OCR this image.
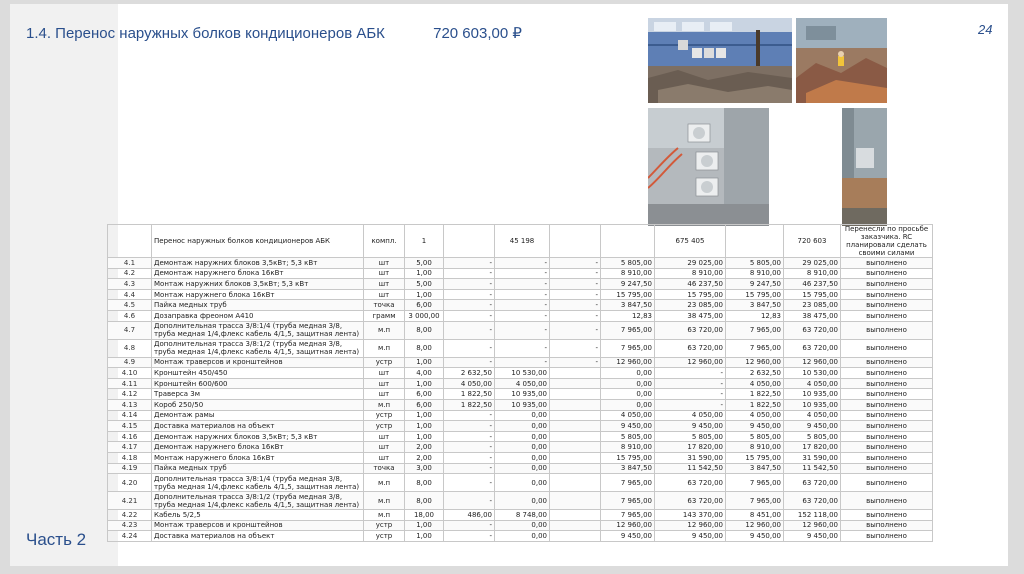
1.4. Перенос наружных болков кондиционеров АБК	720 603,00 ₽	24
Часть 2
	Перенос наружных болков кондиционеров АБК	компл.	1		45 198			675 405		720 603	Перенесли по просьбе заказчика. RC планировали сделать своими силами
4.1	Демонтаж наружних блоков 3,5кВт; 5,3 кВт	шт	5,00	-	-	-	5 805,00	29 025,00	5 805,00	29 025,00	выполнено
4.2	Демонтаж наружнего блока 16кВт	шт	1,00	-	-	-	8 910,00	8 910,00	8 910,00	8 910,00	выполнено
4.3	Монтаж наружних блоков 3,5кВт; 5,3 кВт	шт	5,00	-	-	-	9 247,50	46 237,50	9 247,50	46 237,50	выполнено
4.4	Монтаж наружнего блока 16кВт	шт	1,00	-	-	-	15 795,00	15 795,00	15 795,00	15 795,00	выполнено
4.5	Пайка медных труб	точка	6,00	-	-	-	3 847,50	23 085,00	3 847,50	23 085,00	выполнено
4.6	Дозаправка фреоном А410	грамм	3 000,00	-	-	-	12,83	38 475,00	12,83	38 475,00	выполнено
4.7	Дополнительная трасса 3/8:1/4 (труба медная 3/8, труба медная 1/4,флекс кабель 4/1,5, защитная лента)	м.п	8,00	-	-	-	7 965,00	63 720,00	7 965,00	63 720,00	выполнено
4.8	Дополнительная трасса 3/8:1/2 (труба медная 3/8, труба медная 1/4,флекс кабель 4/1,5, защитная лента)	м.п	8,00	-	-	-	7 965,00	63 720,00	7 965,00	63 720,00	выполнено
4.9	Монтаж траверсов и кронштейнов	устр	1,00	-	-	-	12 960,00	12 960,00	12 960,00	12 960,00	выполнено
4.10	Кронштейн 450/450	шт	4,00	2 632,50	10 530,00		0,00	-	2 632,50	10 530,00	выполнено
4.11	Кронштейн 600/600	шт	1,00	4 050,00	4 050,00		0,00	-	4 050,00	4 050,00	выполнено
4.12	Траверса 3м	шт	6,00	1 822,50	10 935,00		0,00	-	1 822,50	10 935,00	выполнено
4.13	Короб 250/50	м.п	6,00	1 822,50	10 935,00		0,00	-	1 822,50	10 935,00	выполнено
4.14	Демонтаж рамы	устр	1,00	-	0,00		4 050,00	4 050,00	4 050,00	4 050,00	выполнено
4.15	Доставка материалов на объект	устр	1,00	-	0,00		9 450,00	9 450,00	9 450,00	9 450,00	выполнено
4.16	Демонтаж наружних блоков 3,5кВт; 5,3 кВт	шт	1,00	-	0,00		5 805,00	5 805,00	5 805,00	5 805,00	выполнено
4.17	Демонтаж наружнего блока 16кВт	шт	2,00	-	0,00		8 910,00	17 820,00	8 910,00	17 820,00	выполнено
4.18	Монтаж наружнего блока 16кВт	шт	2,00	-	0,00		15 795,00	31 590,00	15 795,00	31 590,00	выполнено
4.19	Пайка медных труб	точка	3,00	-	0,00		3 847,50	11 542,50	3 847,50	11 542,50	выполнено
4.20	Дополнительная трасса 3/8:1/4 (труба медная 3/8, труба медная 1/4,флекс кабель 4/1,5, защитная лента)	м.п	8,00	-	0,00		7 965,00	63 720,00	7 965,00	63 720,00	выполнено
4.21	Дополнительная трасса 3/8:1/2 (труба медная 3/8, труба медная 1/4,флекс кабель 4/1,5, защитная лента)	м.п	8,00	-	0,00		7 965,00	63 720,00	7 965,00	63 720,00	выполнено
4.22	Кабель 5/2,5	м.п	18,00	486,00	8 748,00		7 965,00	143 370,00	8 451,00	152 118,00	выполнено
4.23	Монтаж траверсов и кронштейнов	устр	1,00	-	0,00		12 960,00	12 960,00	12 960,00	12 960,00	выполнено
4.24	Доставка материалов на объект	устр	1,00	-	0,00		9 450,00	9 450,00	9 450,00	9 450,00	выполнено
